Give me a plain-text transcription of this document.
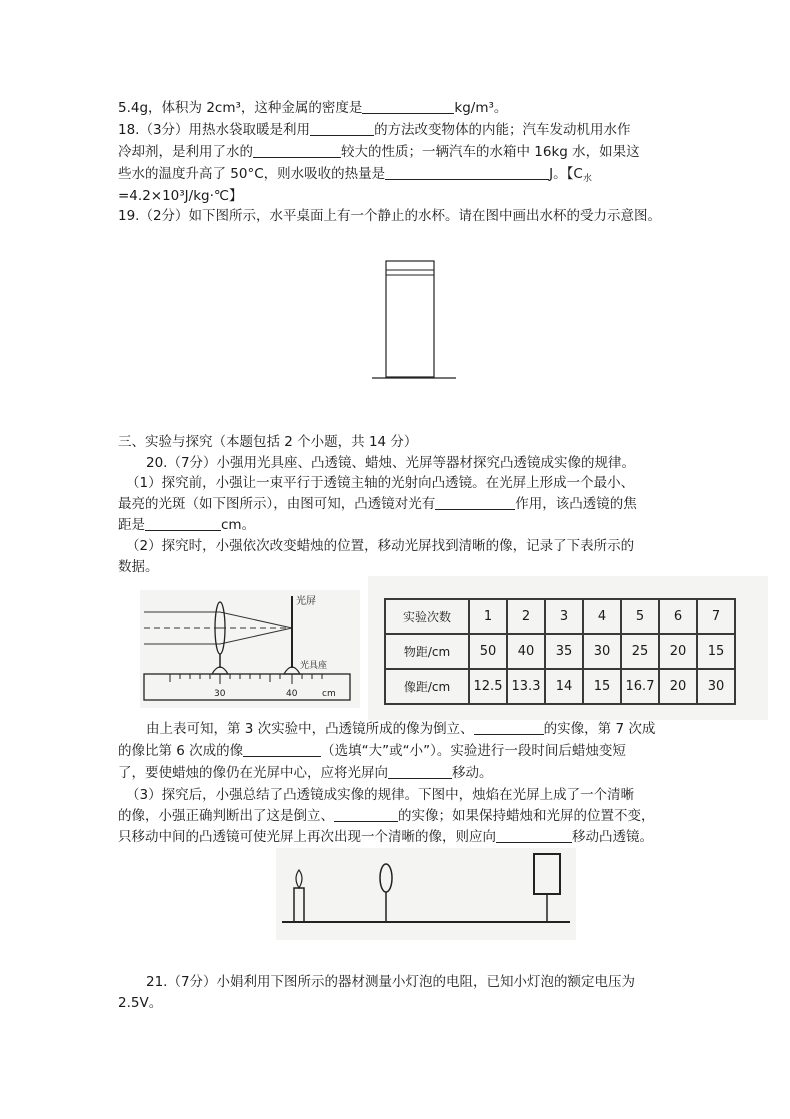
5.4g，体积为 2cm³，这种金属的密度是	kg/m³。
18.（3分）用热水袋取暖是利用	的方法改变物体的内能；汽车发动机用水作
冷却剂，是利用了水的	较大的性质；一辆汽车的水箱中 16kg 水，如果这
些水的温度升高了 50°C，则水吸收的热量是	J。【$C_水$
=4.2×10³J/kg·℃】
19.（2分）如下图所示，水平桌面上有一个静止的水杯。请在图中画出水杯的受力示意图。
三、实验与探究（本题包括 2 个小题，共 14 分）
20.（7分）小强用光具座、凸透镜、蜡烛、光屏等器材探究凸透镜成实像的规律。
（1）探究前，小强让一束平行于透镜主轴的光射向凸透镜。在光屏上形成一个最小、
最亮的光斑（如下图所示），由图可知，凸透镜对光有	作用，该凸透镜的焦
距是	cm。
（2）探究时，小强依次改变蜡烛的位置，移动光屏找到清晰的像，记录了下表所示的
数据。
光屏
光具座
30	40	cm
实验次数	1	2	3	4	5	6	7
物距/cm	50	40	35	30	25	20	15
像距/cm	12.5	13.3	14	15	16.7	20	30
由上表可知，第 3 次实验中，凸透镜所成的像为倒立、	的实像，第 7 次成
的像比第 6 次成的像	（选填“大”或“小”）。实验进行一段时间后蜡烛变短
了，要使蜡烛的像仍在光屏中心，应将光屏向	移动。
（3）探究后，小强总结了凸透镜成实像的规律。下图中，烛焰在光屏上成了一个清晰
的像，小强正确判断出了这是倒立、	的实像；如果保持蜡烛和光屏的位置不变，
只移动中间的凸透镜可使光屏上再次出现一个清晰的像，则应向	移动凸透镜。
21.（7分）小娟利用下图所示的器材测量小灯泡的电阻，已知小灯泡的额定电压为
2.5V。
